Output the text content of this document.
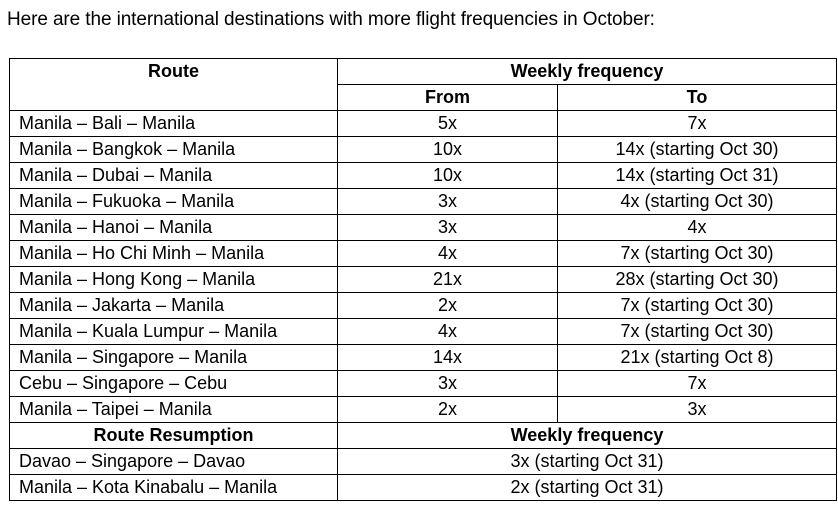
Here are the international destinations with more flight frequencies in October:
Route	Weekly frequency	
	From	To
Manila – Bali – Manila	5x	7x
Manila – Bangkok – Manila	10x	14x (starting Oct 30)
Manila – Dubai – Manila	10x	14x (starting Oct 31)
Manila – Fukuoka – Manila	3x	4x (starting Oct 30)
Manila – Hanoi – Manila	3x	4x
Manila – Ho Chi Minh – Manila	4x	7x (starting Oct 30)
Manila – Hong Kong – Manila	21x	28x (starting Oct 30)
Manila – Jakarta – Manila	2x	7x (starting Oct 30)
Manila – Kuala Lumpur – Manila	4x	7x (starting Oct 30)
Manila – Singapore – Manila	14x	21x (starting Oct 8)
Cebu – Singapore – Cebu	3x	7x
Manila – Taipei – Manila	2x	3x
Route Resumption	Weekly frequency	
Davao – Singapore – Davao	3x (starting Oct 31)	
Manila – Kota Kinabalu – Manila	2x (starting Oct 31)	
